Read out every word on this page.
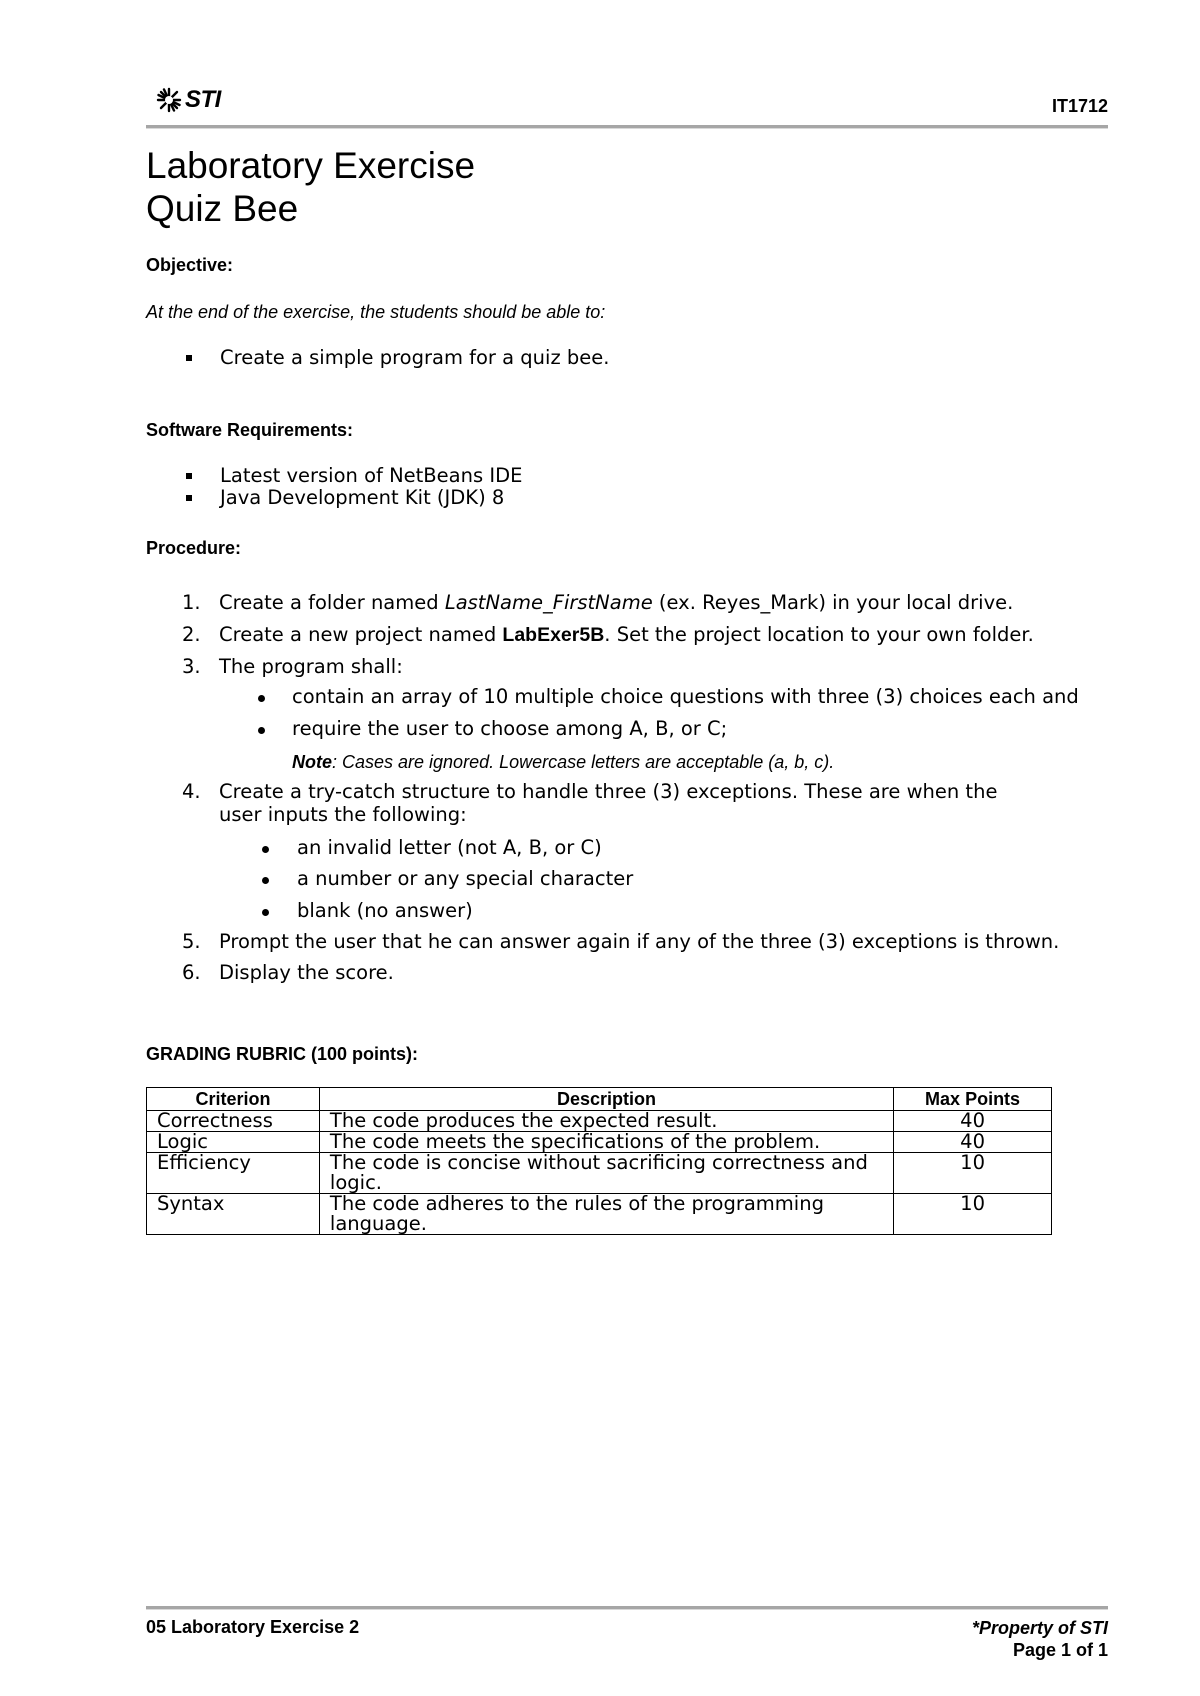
STI	IT1712
Laboratory Exercise
Quiz Bee
Objective:
At the end of the exercise, the students should be able to:
Create a simple program for a quiz bee.
Software Requirements:
Latest version of NetBeans IDE
Java Development Kit (JDK) 8
Procedure:
1. Create a folder named LastName_FirstName (ex. Reyes_Mark) in your local drive.
2. Create a new project named LabExer5B. Set the project location to your own folder.
3. The program shall:
contain an array of 10 multiple choice questions with three (3) choices each and
require the user to choose among A, B, or C;
Note: Cases are ignored. Lowercase letters are acceptable (a, b, c).
4. Create a try-catch structure to handle three (3) exceptions. These are when the
user inputs the following:
an invalid letter (not A, B, or C)
a number or any special character
blank (no answer)
5. Prompt the user that he can answer again if any of the three (3) exceptions is thrown.
6. Display the score.
GRADING RUBRIC (100 points):
Criterion	Description	Max Points
Correctness	The code produces the expected result.	40
Logic	The code meets the specifications of the problem.	40
Efficiency	The code is concise without sacrificing correctness and logic.	10
Syntax	The code adheres to the rules of the programming language.	10
05 Laboratory Exercise 2	*Property of STI
Page 1 of 1
